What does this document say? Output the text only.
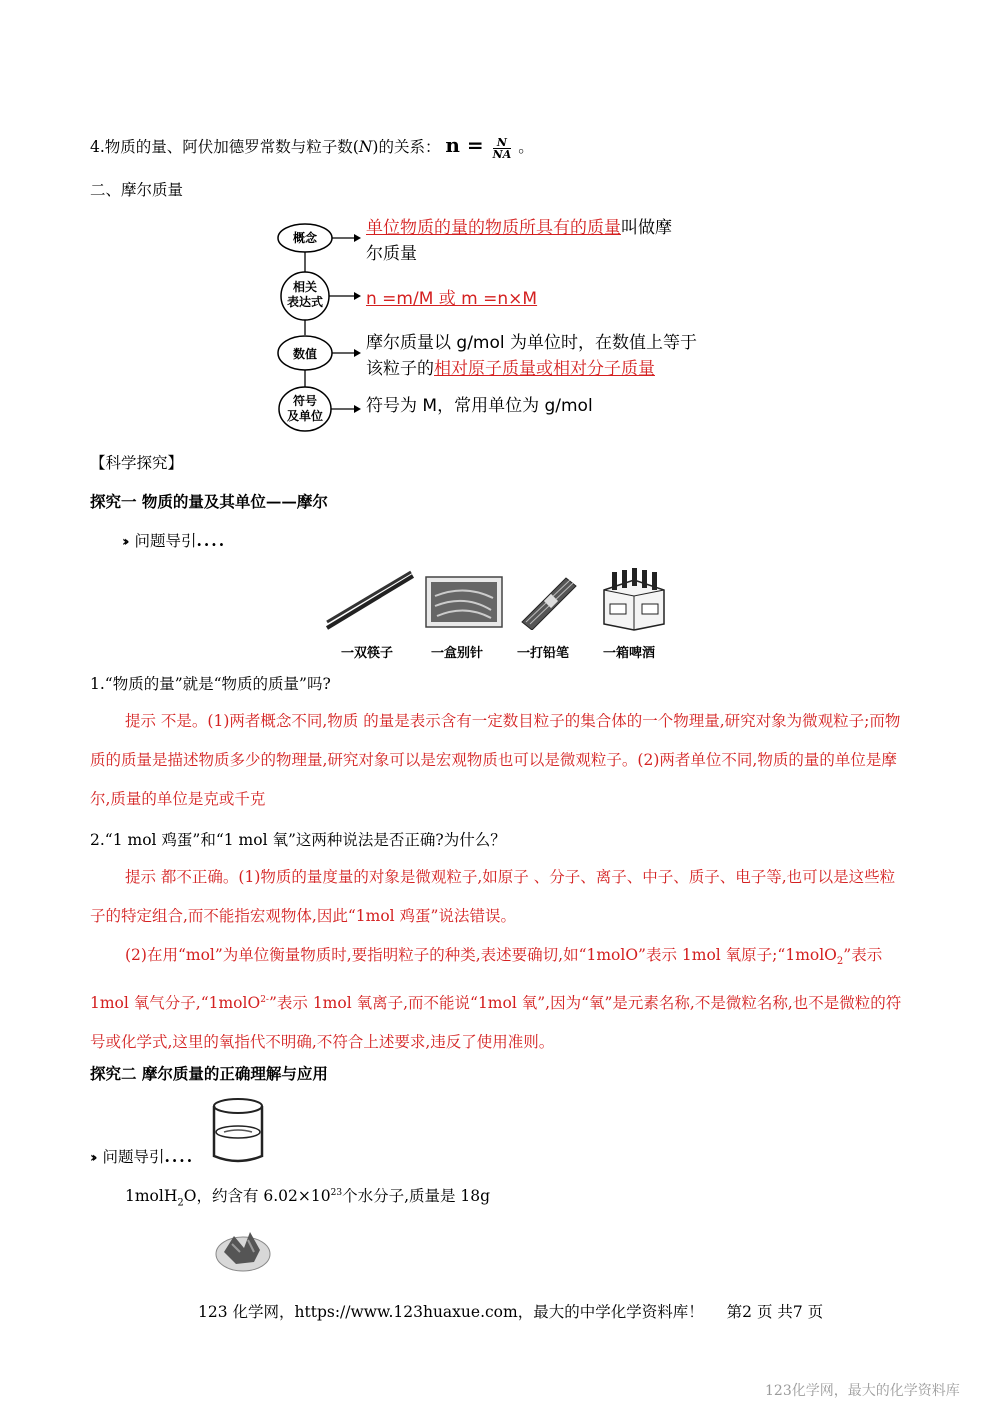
4.物质的量、阿伏加德罗常数与粒子数(N)的关系： $n = \frac{N}{NA}$ 。
二、摩尔质量
概念
相关
表达式
数值
符号
及单位
单位物质的量的物质所具有的质量叫做摩
尔质量
n =m/M 或 m =n×M
摩尔质量以 g/mol 为单位时，在数值上等于
该粒子的相对原子质量或相对分子质量
符号为 M，常用单位为 g/mol
【科学探究】
探究一 物质的量及其单位——摩尔
›› 问题导引....
一双筷子	一盒别针	一打铅笔	一箱啤酒
1.“物质的量”就是“物质的质量”吗?
提示 不是。(1)两者概念不同,物质 的量是表示含有一定数目粒子的集合体的一个物理量,研究对象为微观粒子;而物质的质量是描述物质多少的物理量,研究对象可以是宏观物质也可以是微观粒子。(2)两者单位不同,物质的量的单位是摩尔,质量的单位是克或千克
2.“1 mol 鸡蛋”和“1 mol 氧”这两种说法是否正确?为什么？
提示 都不正确。(1)物质的量度量的对象是微观粒子,如原子 、分子、离子、中子、质子、电子等,也可以是这些粒子的特定组合,而不能指宏观物体,因此“1mol 鸡蛋”说法错误。
(2)在用“mol”为单位衡量物质时,要指明粒子的种类,表述要确切,如“1molO”表示 1mol 氧原子;“1molO$_2$”表示 1mol 氧气分子,“1molO$^{2-}$”表示 1mol 氧离子,而不能说“1mol 氧”,因为“氧”是元素名称,不是微粒名称,也不是微粒的符号或化学式,这里的氧指代不明确,不符合上述要求,违反了使用准则。
探究二 摩尔质量的正确理解与应用
›› 问题导引....
1molH$_2$O，约含有 $6.02\times 10^{23}$个水分子,质量是 18g
123 化学网，https://www.123huaxue.com，最大的中学化学资料库！ 第2 页 共7 页
123化学网，最大的化学资料库
